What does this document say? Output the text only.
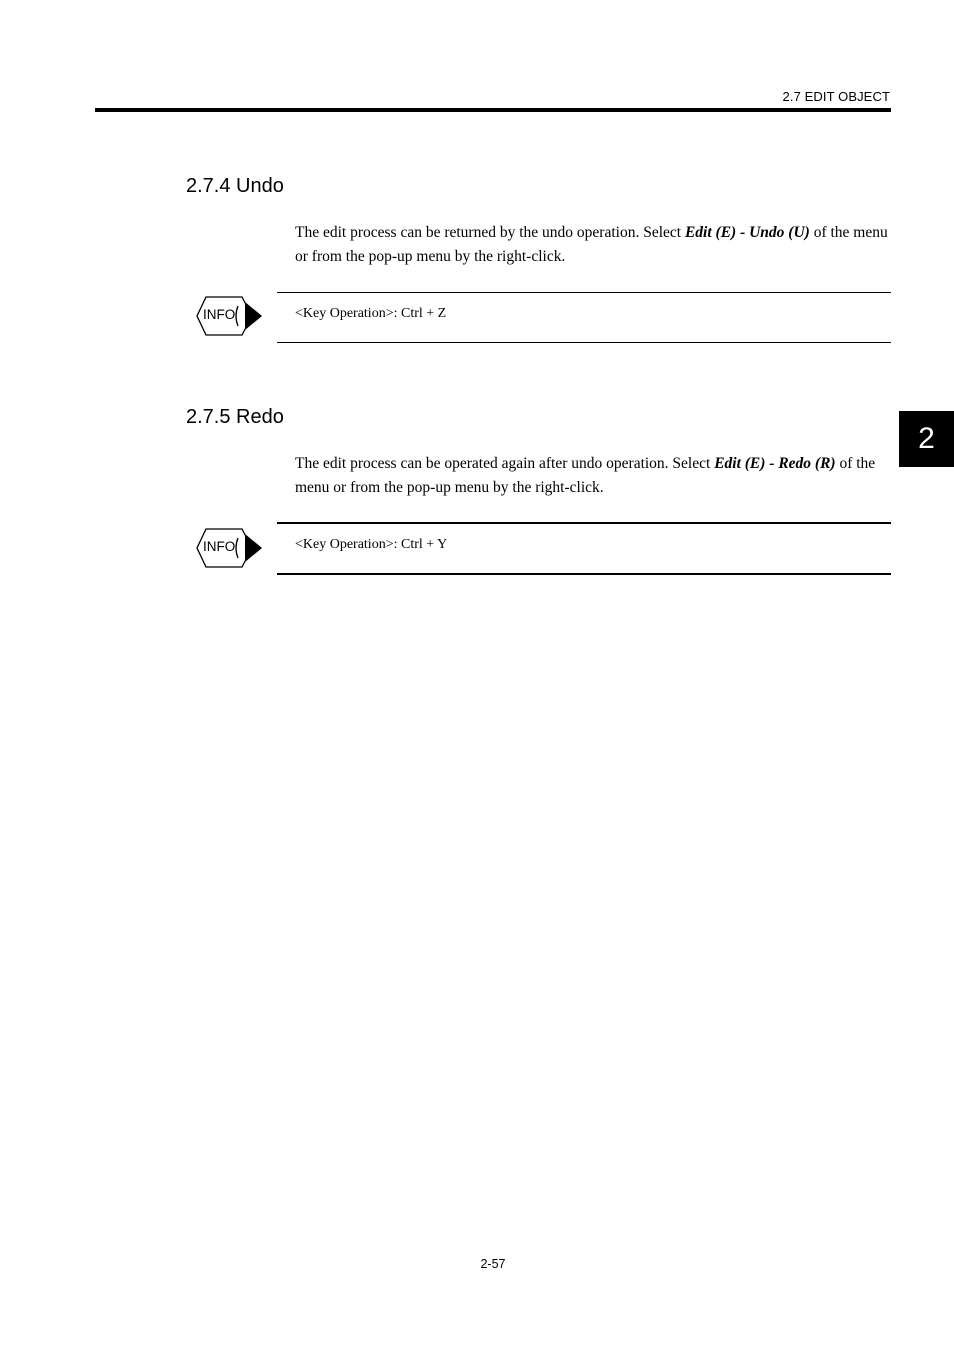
2.7 EDIT OBJECT
2
2.7.4 Undo

The edit process can be returned by the undo operation. Select Edit (E) - Undo (U) of the menu or from the pop-up menu by the right-click.

INFO	<Key Operation>: Ctrl + Z
2.7.5 Redo

The edit process can be operated again after undo operation. Select Edit (E) - Redo (R) of the menu or from the pop-up menu by the right-click.

INFO	<Key Operation>: Ctrl + Y
2-57
